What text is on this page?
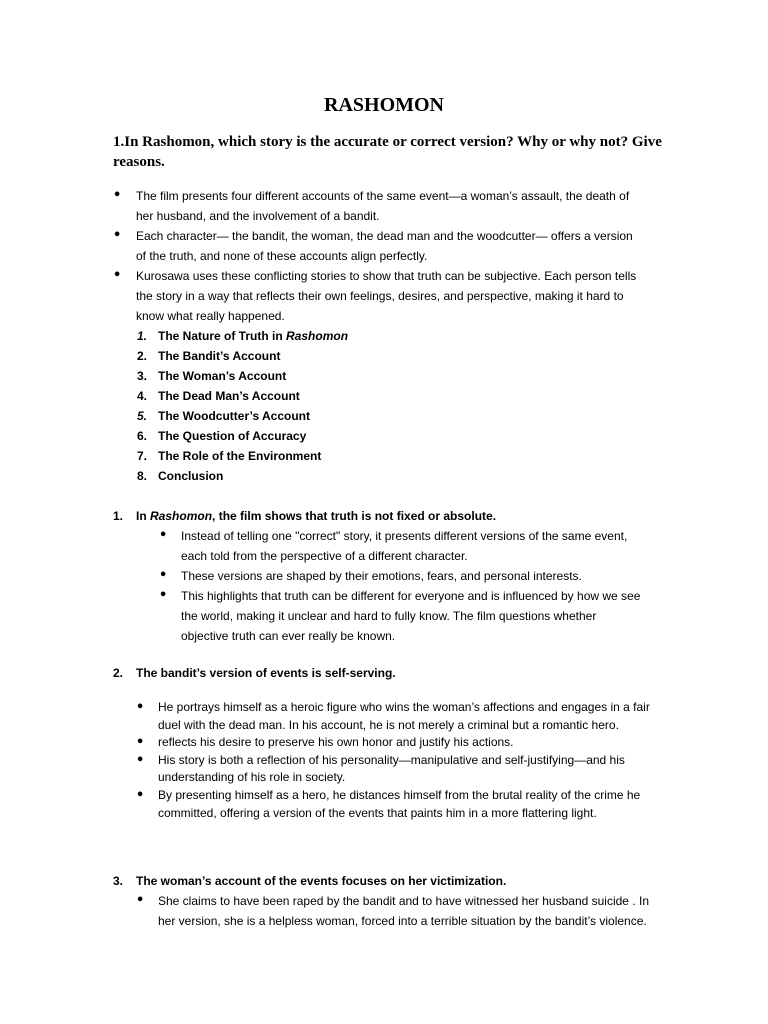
RASHOMON
1.In Rashomon, which story is the accurate or correct version? Why or why not? Give
reasons.
• The film presents four different accounts of the same event—a woman’s assault, the death of
her husband, and the involvement of a bandit.
• Each character— the bandit, the woman, the dead man and the woodcutter— offers a version
of the truth, and none of these accounts align perfectly.
• Kurosawa uses these conflicting stories to show that truth can be subjective. Each person tells
the story in a way that reflects their own feelings, desires, and perspective, making it hard to
know what really happened.
1. The Nature of Truth in Rashomon
2. The Bandit’s Account
3. The Woman’s Account
4. The Dead Man’s Account
5. The Woodcutter’s Account
6. The Question of Accuracy
7. The Role of the Environment
8. Conclusion
1. In Rashomon, the film shows that truth is not fixed or absolute.
• Instead of telling one "correct" story, it presents different versions of the same event,
each told from the perspective of a different character.
• These versions are shaped by their emotions, fears, and personal interests.
• This highlights that truth can be different for everyone and is influenced by how we see
the world, making it unclear and hard to fully know. The film questions whether
objective truth can ever really be known.
2. The bandit’s version of events is self-serving.
• He portrays himself as a heroic figure who wins the woman’s affections and engages in a fair
duel with the dead man. In his account, he is not merely a criminal but a romantic hero.
• reflects his desire to preserve his own honor and justify his actions.
• His story is both a reflection of his personality—manipulative and self-justifying—and his
understanding of his role in society.
• By presenting himself as a hero, he distances himself from the brutal reality of the crime he
committed, offering a version of the events that paints him in a more flattering light.
3. The woman’s account of the events focuses on her victimization.
• She claims to have been raped by the bandit and to have witnessed her husband suicide . In
her version, she is a helpless woman, forced into a terrible situation by the bandit’s violence.
